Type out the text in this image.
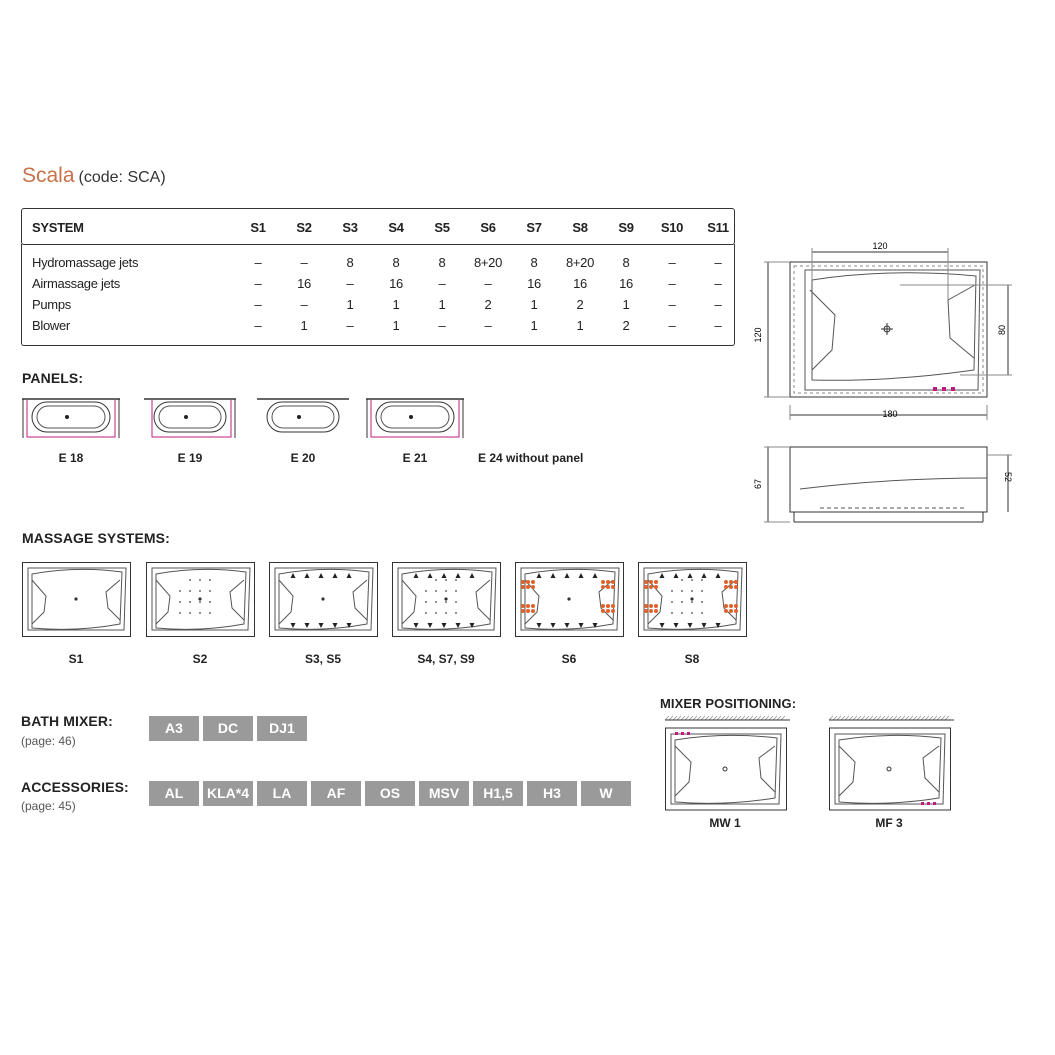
Scala (code: SCA)
SYSTEM	S1	S2	S3	S4	S5	S6	S7	S8	S9	S10	S11
Hydromassage jets	–	–	8	8	8	8+20	8	8+20	8	–	–
Airmassage jets	–	16	–	16	–	–	16	16	16	–	–
Pumps	–	–	1	1	1	2	1	2	1	–	–
Blower	–	1	–	1	–	–	1	1	2	–	–
PANELS:
E 18	E 19	E 20	E 21	E 24 without panel
MASSAGE SYSTEMS:
S1	S2	S3, S5	S4, S7, S9	S6	S8
BATH MIXER:
(page: 46)
A3	DC	DJ1
ACCESSORIES:
(page: 45)
AL	KLA*4	LA	AF	OS	MSV	H1,5	H3	W
MIXER POSITIONING:
MW 1	MF 3
120
120	80
180
67
52
